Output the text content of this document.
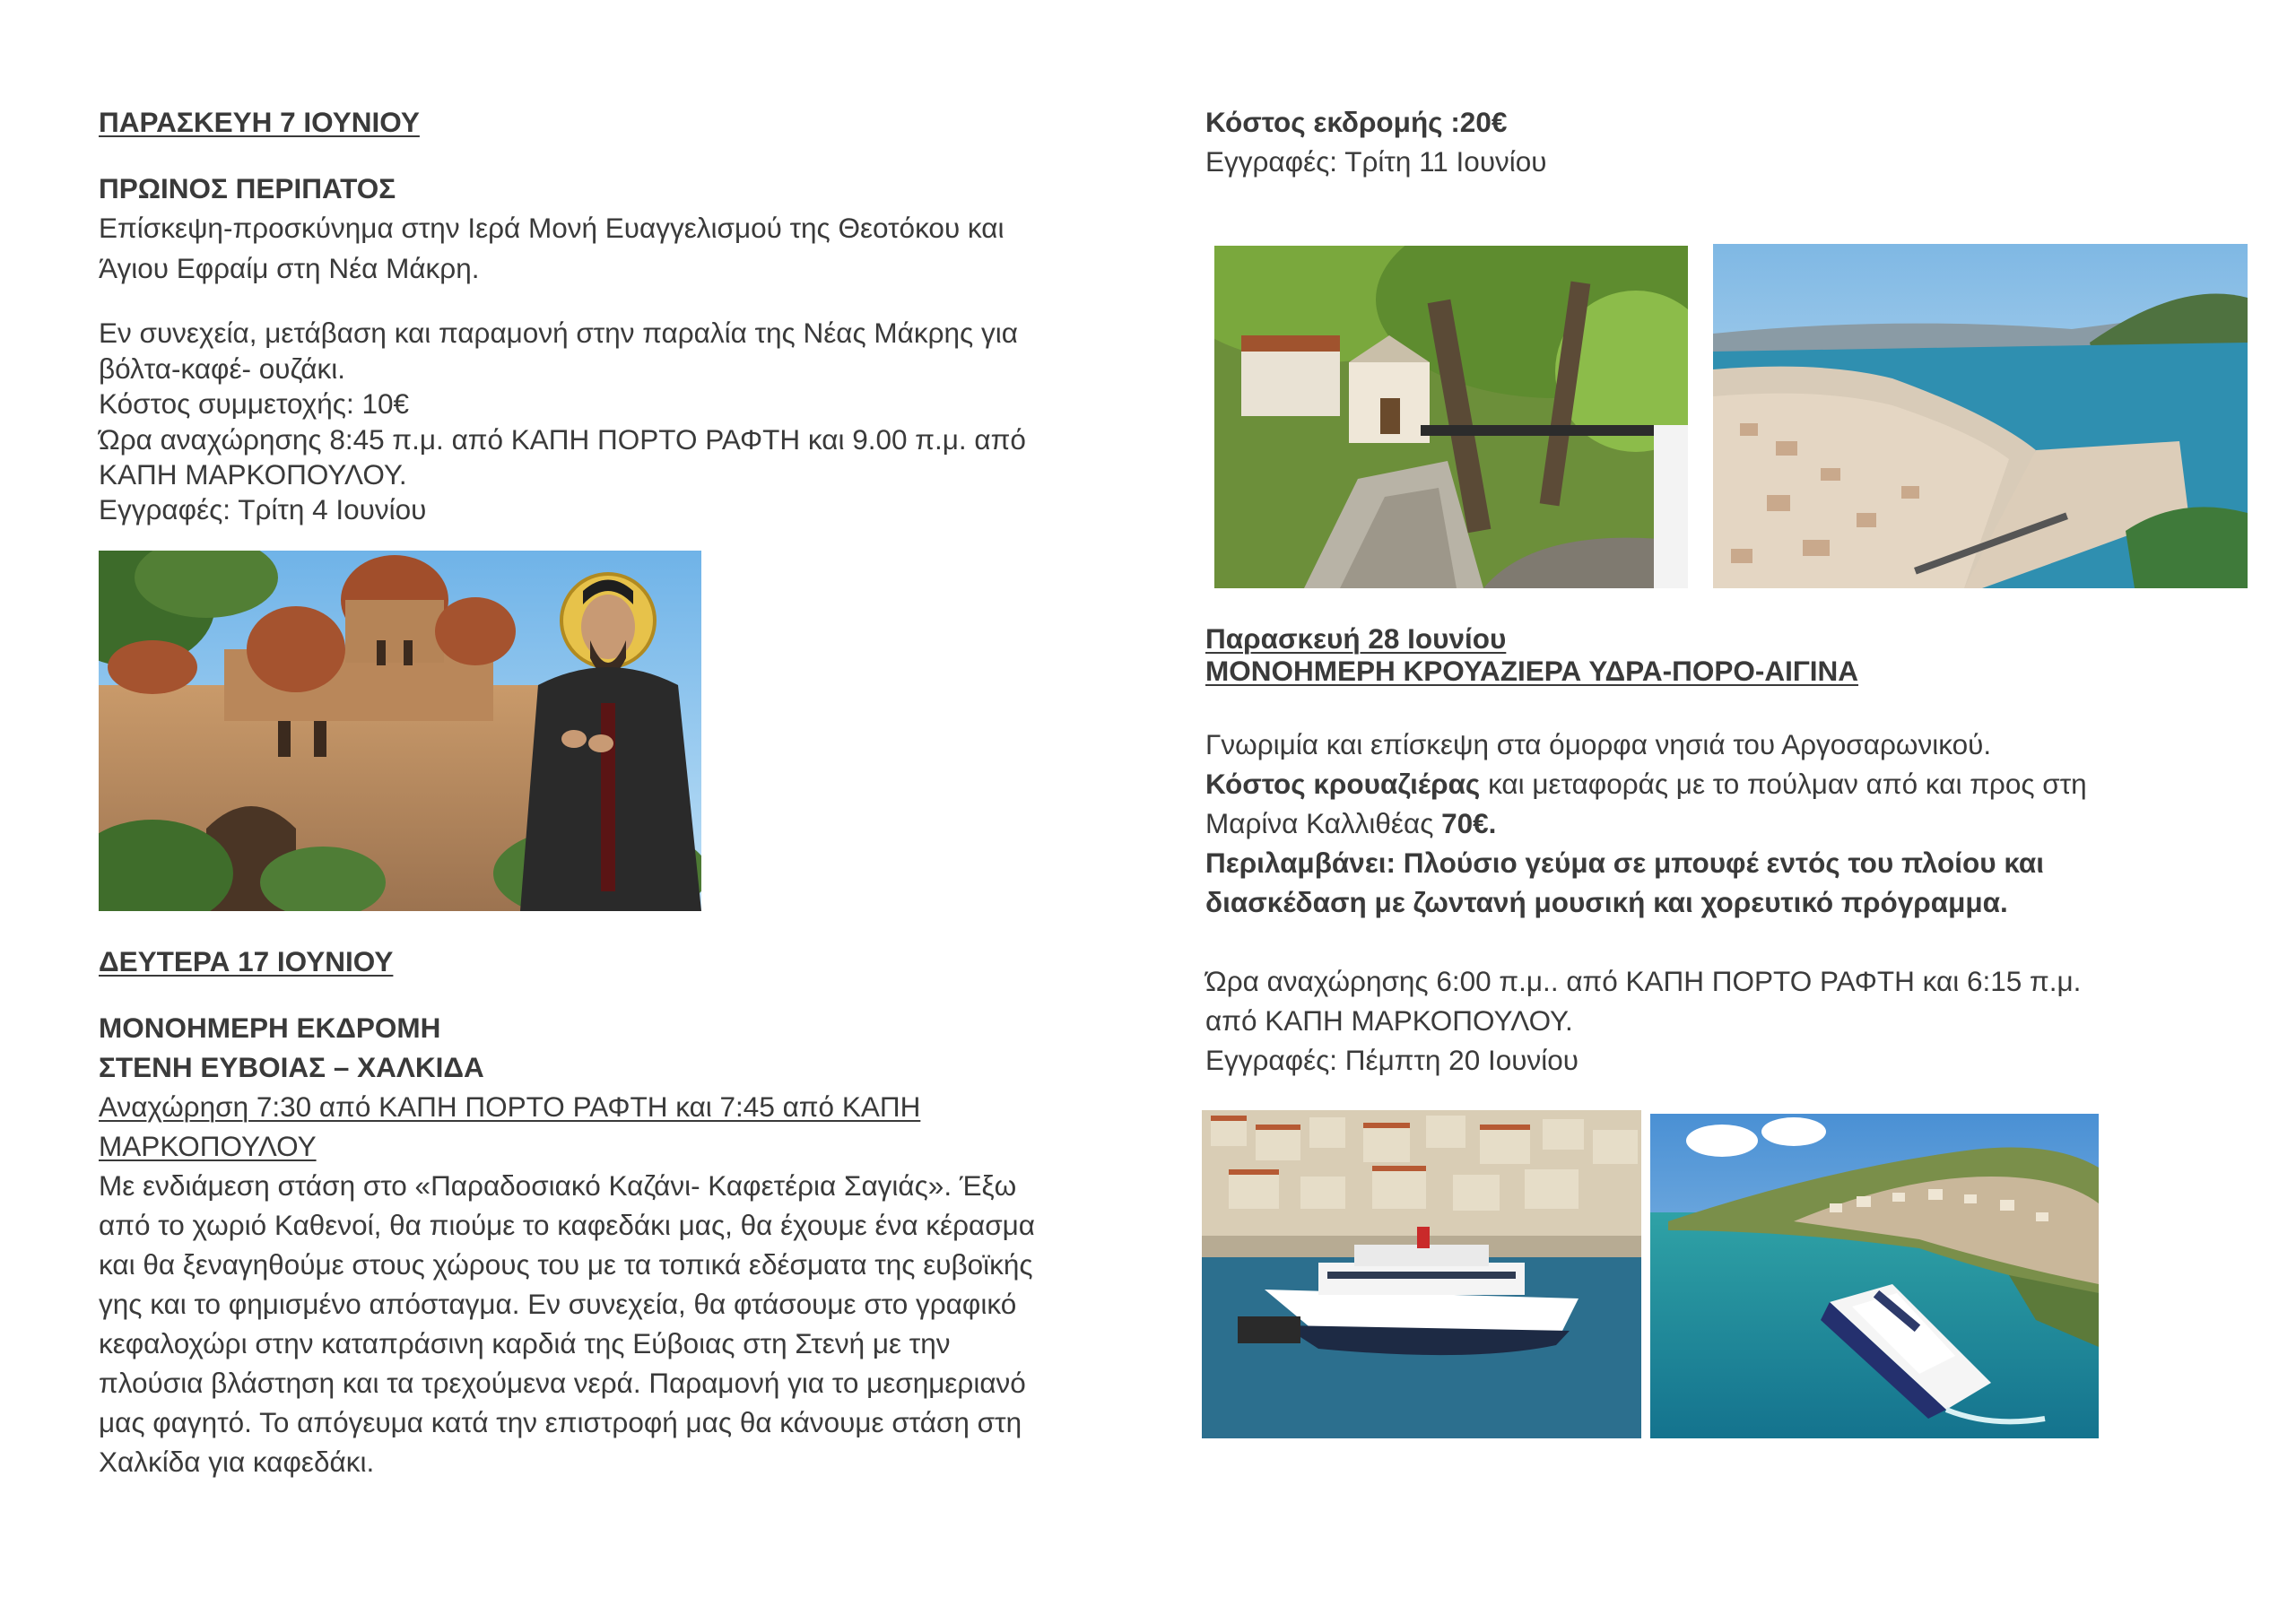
ΠΑΡΑΣΚΕΥΗ 7 ΙΟΥΝΙΟΥ
ΠΡΩΙΝΟΣ ΠΕΡΙΠΑΤΟΣ
Επίσκεψη-προσκύνημα στην Ιερά Μονή Ευαγγελισμού της Θεοτόκου και
Άγιου Εφραίμ στη Νέα Μάκρη.
Εν συνεχεία, μετάβαση και παραμονή στην παραλία της Νέας Μάκρης για
βόλτα-καφέ- ουζάκι.
Κόστος συμμετοχής: 10€
Ώρα αναχώρησης 8:45 π.μ. από ΚΑΠΗ ΠΟΡΤΟ ΡΑΦΤΗ και 9.00 π.μ. από
ΚΑΠΗ ΜΑΡΚΟΠΟΥΛΟΥ.
Εγγραφές: Τρίτη 4 Ιουνίου
ΔΕΥΤΕΡΑ 17 ΙΟΥΝΙΟΥ
ΜΟΝΟΗΜΕΡΗ ΕΚΔΡΟΜΗ
ΣΤΕΝΗ ΕΥΒΟΙΑΣ – ΧΑΛΚΙΔΑ
Αναχώρηση 7:30 από ΚΑΠΗ ΠΟΡΤΟ ΡΑΦΤΗ και 7:45 από ΚΑΠΗ
ΜΑΡΚΟΠΟΥΛΟΥ
Με ενδιάμεση στάση στο «Παραδοσιακό Καζάνι- Καφετέρια Σαγιάς». Έξω
από το χωριό Καθενοί, θα πιούμε το καφεδάκι μας, θα έχουμε ένα κέρασμα
και θα ξεναγηθούμε στους χώρους του με τα τοπικά εδέσματα της ευβοϊκής
γης και το φημισμένο απόσταγμα. Εν συνεχεία, θα φτάσουμε στο γραφικό
κεφαλοχώρι στην καταπράσινη καρδιά της Εύβοιας στη Στενή με την
πλούσια βλάστηση και τα τρεχούμενα νερά. Παραμονή για το μεσημεριανό
μας φαγητό. Το απόγευμα κατά την επιστροφή μας θα κάνουμε στάση στη
Χαλκίδα για καφεδάκι.
Κόστος εκδρομής :20€
Εγγραφές: Τρίτη 11 Ιουνίου
Παρασκευή 28 Ιουνίου
ΜΟΝΟΗΜΕΡΗ ΚΡΟΥΑΖΙΕΡΑ ΥΔΡΑ-ΠΟΡΟ-ΑΙΓΙΝΑ
Γνωριμία και επίσκεψη στα όμορφα νησιά του Αργοσαρωνικού.
Κόστος κρουαζιέρας και μεταφοράς με το πούλμαν από και προς στη
Μαρίνα Καλλιθέας 70€.
Περιλαμβάνει: Πλούσιο γεύμα σε μπουφέ εντός του πλοίου και
διασκέδαση με ζωντανή μουσική και χορευτικό πρόγραμμα.
Ώρα αναχώρησης 6:00 π.μ.. από ΚΑΠΗ ΠΟΡΤΟ ΡΑΦΤΗ και 6:15 π.μ.
από ΚΑΠΗ ΜΑΡΚΟΠΟΥΛΟΥ.
Εγγραφές: Πέμπτη 20 Ιουνίου
